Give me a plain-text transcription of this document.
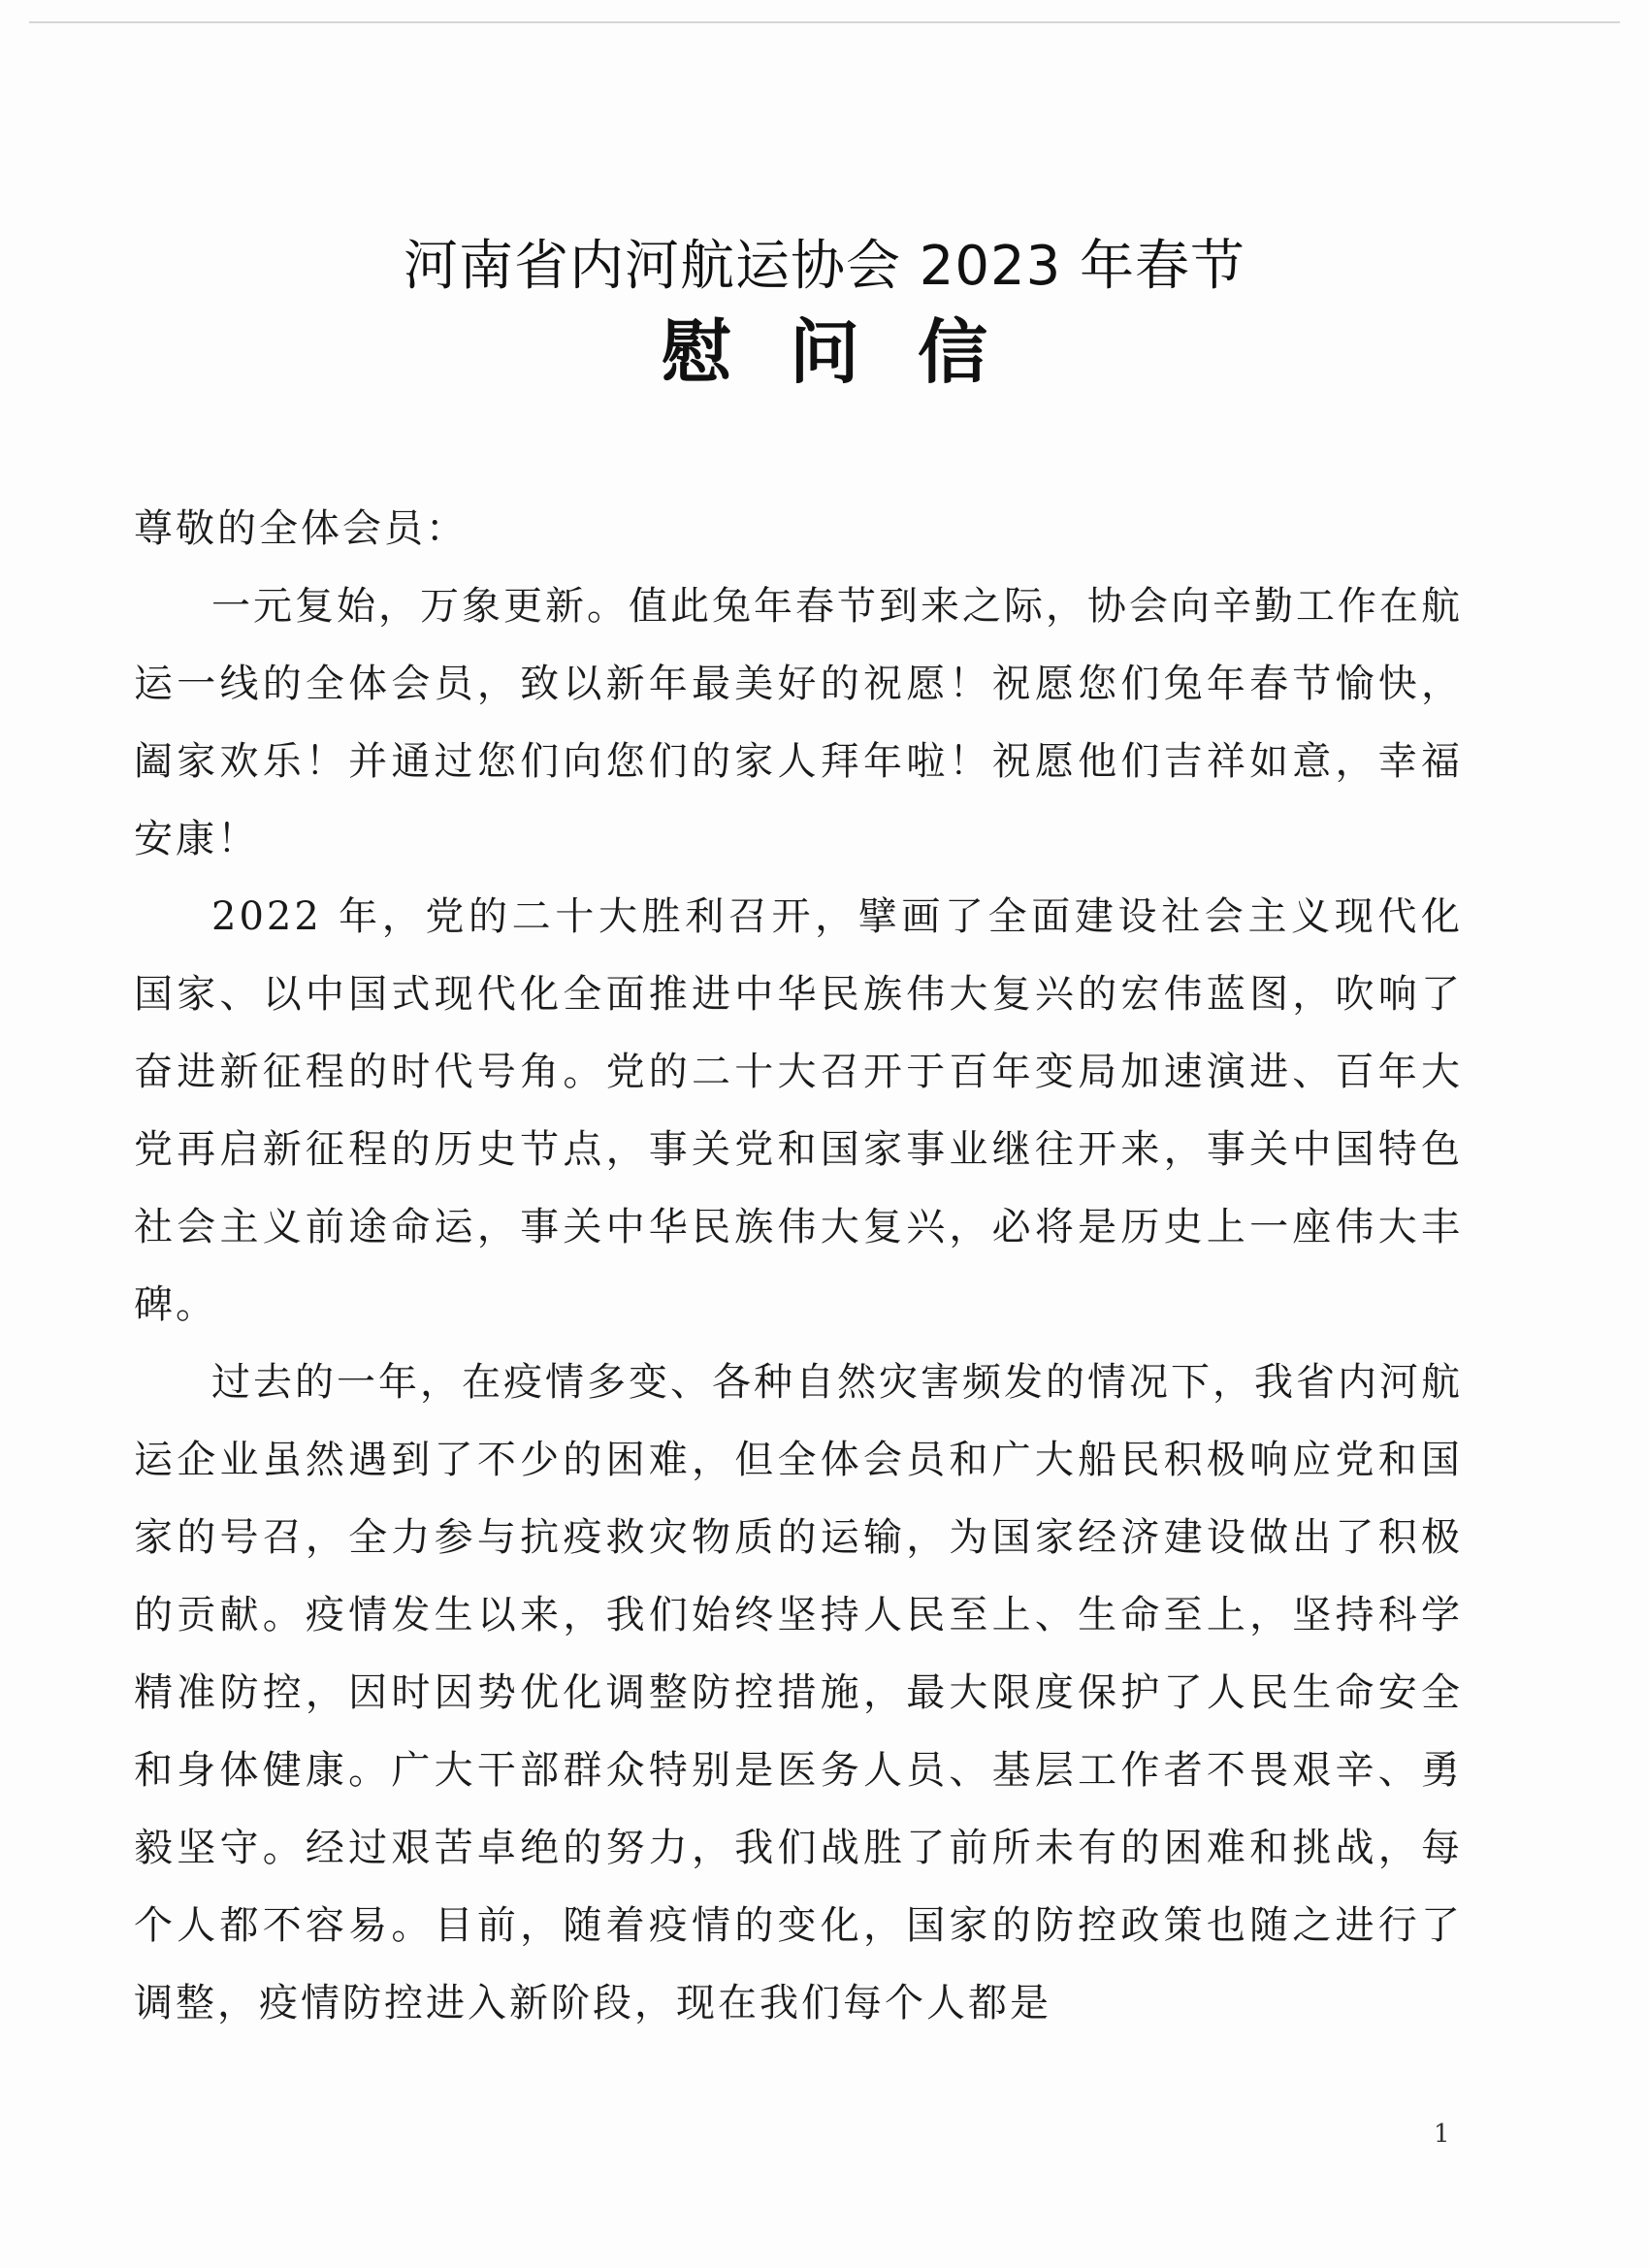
河南省内河航运协会 2023 年春节
慰问信

尊敬的全体会员：

一元复始，万象更新。值此兔年春节到来之际，协会向辛勤工作在航运一线的全体会员，致以新年最美好的祝愿！祝愿您们兔年春节愉快，阖家欢乐！并通过您们向您们的家人拜年啦！祝愿他们吉祥如意，幸福安康！

2022 年，党的二十大胜利召开，擘画了全面建设社会主义现代化国家、以中国式现代化全面推进中华民族伟大复兴的宏伟蓝图，吹响了奋进新征程的时代号角。党的二十大召开于百年变局加速演进、百年大党再启新征程的历史节点，事关党和国家事业继往开来，事关中国特色社会主义前途命运，事关中华民族伟大复兴，必将是历史上一座伟大丰碑。

过去的一年，在疫情多变、各种自然灾害频发的情况下，我省内河航运企业虽然遇到了不少的困难，但全体会员和广大船民积极响应党和国家的号召，全力参与抗疫救灾物质的运输，为国家经济建设做出了积极的贡献。疫情发生以来，我们始终坚持人民至上、生命至上，坚持科学精准防控，因时因势优化调整防控措施，最大限度保护了人民生命安全和身体健康。广大干部群众特别是医务人员、基层工作者不畏艰辛、勇毅坚守。经过艰苦卓绝的努力，我们战胜了前所未有的困难和挑战，每个人都不容易。目前，随着疫情的变化，国家的防控政策也随之进行了调整，疫情防控进入新阶段，现在我们每个人都是

1
